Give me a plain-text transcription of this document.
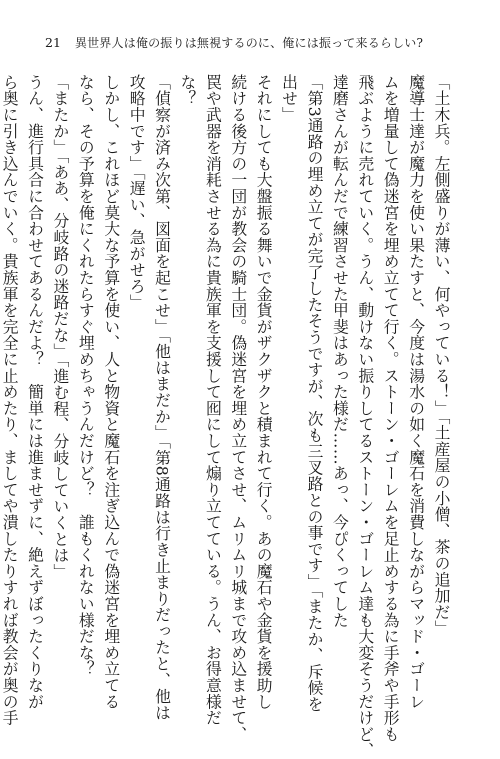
21 異世界人は俺の振りは無視するのに、俺には振って来るらしい?
「土木兵。左側盛りが薄い、何やっている！」「土産屋の小僧、茶の追加だ」
魔導士達が魔力を使い果たすと、今度は湯水の如く魔石を消費しながらマッド・ゴーレ
ムを増量して偽迷宮を埋め立てて行く。ストーン・ゴーレムを足止めする為に手斧や手形も
飛ぶように売れていく。うん、動けない振りしてるストーン・ゴーレム達も大変そうだけど、
達磨さんが転んだで練習させた甲斐はあった様だ……あっ、今ぴくってした
「第3通路の埋め立てが完了したそうですが、次も三叉路との事です」「またか、斥候を
出せ」
それにしても大盤振る舞いで金貨がザクザクと積まれて行く。あの魔石や金貨を援助し
続ける後方の一団が教会の騎士団。偽迷宮を埋め立てさせ、ムリムリ城まで攻め込ませて、
罠や武器を消耗させる為に貴族軍を支援して囮にして煽り立てている。うん、お得意様だ
な？
「偵察が済み次第、図面を起こせ」「他はまだか」「第8通路は行き止まりだったと、他は
攻略中です」「遅い、急がせろ」
しかし、これほど莫大な予算を使い、人と物資と魔石を注ぎ込んで偽迷宮を埋め立てる
なら、その予算を俺にくれたらすぐ埋めちゃうんだけど？　誰もくれない様だな？
「またか」「ああ、分岐路の迷路だな」「進む程、分岐していくとは」
うん、進行具合に合わせてあるんだよ？　簡単には進ませずに、絶えずぼったくりなが
ら奥に引き込んでいく。貴族軍を完全に止めたり、ましてや潰したりすれば教会が奥の手
